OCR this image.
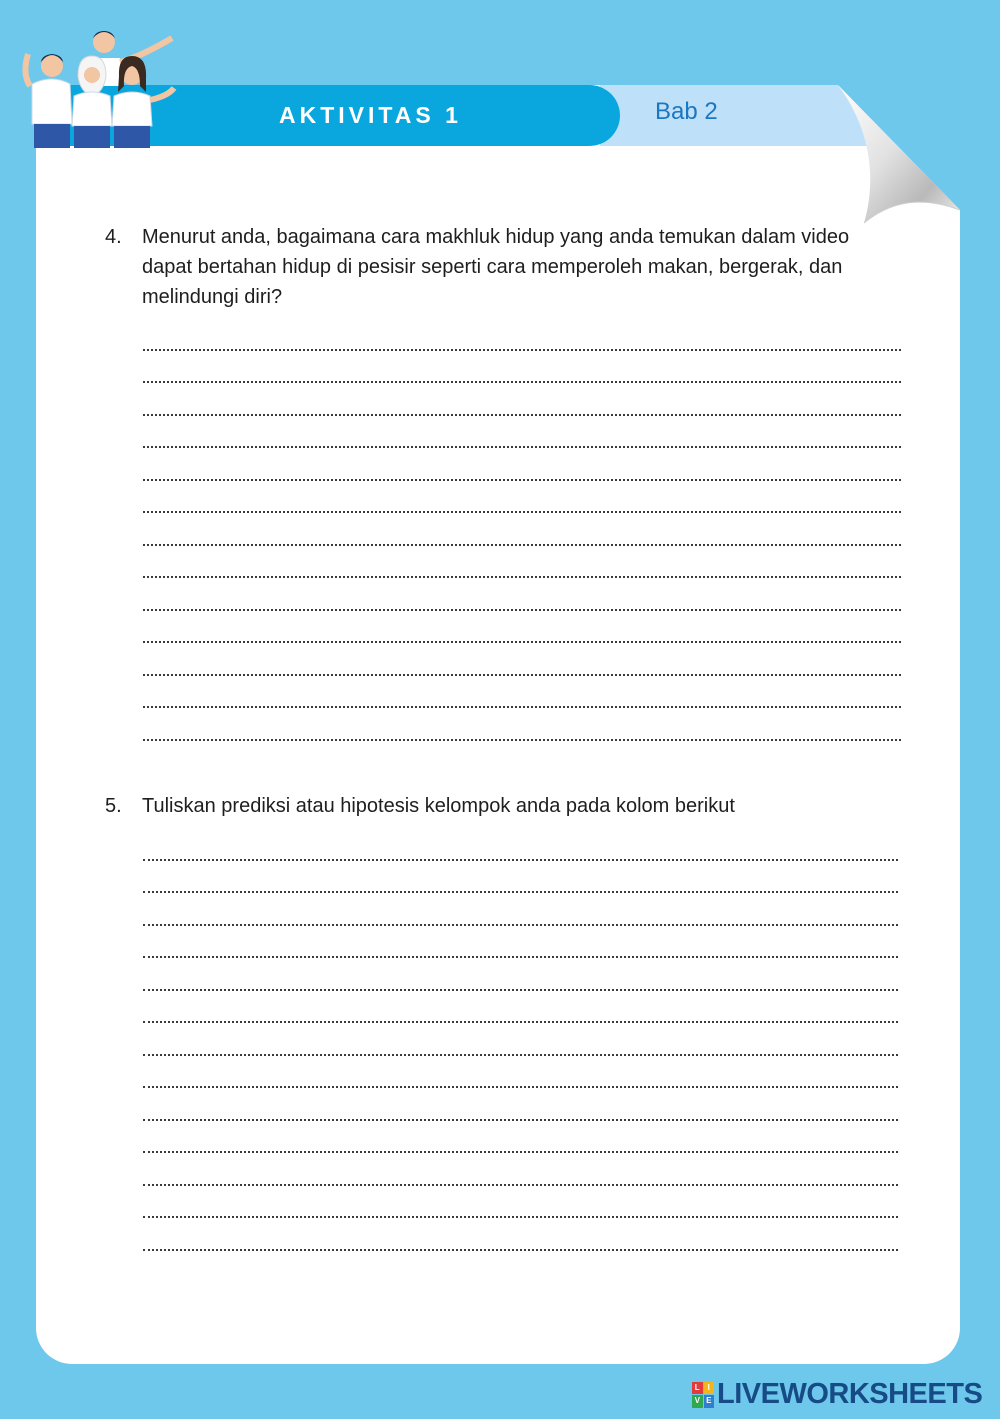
Bab 2
AKTIVITAS 1
4. Menurut anda, bagaimana cara makhluk hidup yang anda temukan dalam video dapat bertahan hidup di pesisir seperti cara memperoleh makan, bergerak, dan melindungi diri?
5. Tuliskan prediksi atau hipotesis kelompok anda pada kolom berikut
L I
V E LIVEWORKSHEETS
